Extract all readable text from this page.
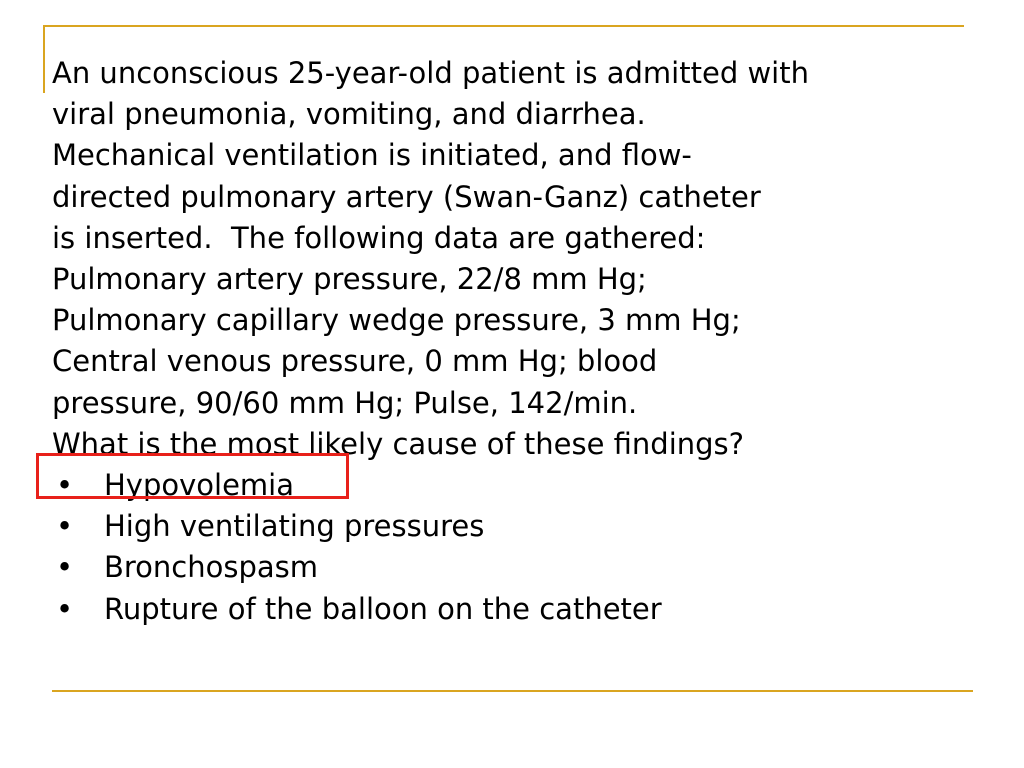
An unconscious 25-year-old patient is admitted with
viral pneumonia, vomiting, and diarrhea.
Mechanical ventilation is initiated, and flow-
directed pulmonary artery (Swan-Ganz) catheter
is inserted.  The following data are gathered:
Pulmonary artery pressure, 22/8 mm Hg;
Pulmonary capillary wedge pressure, 3 mm Hg;
Central venous pressure, 0 mm Hg; blood
pressure, 90/60 mm Hg; Pulse, 142/min.

What is the most likely cause of these findings?

•	Hypovolemia
•	High ventilating pressures
•	Bronchospasm
•	Rupture of the balloon on the catheter
